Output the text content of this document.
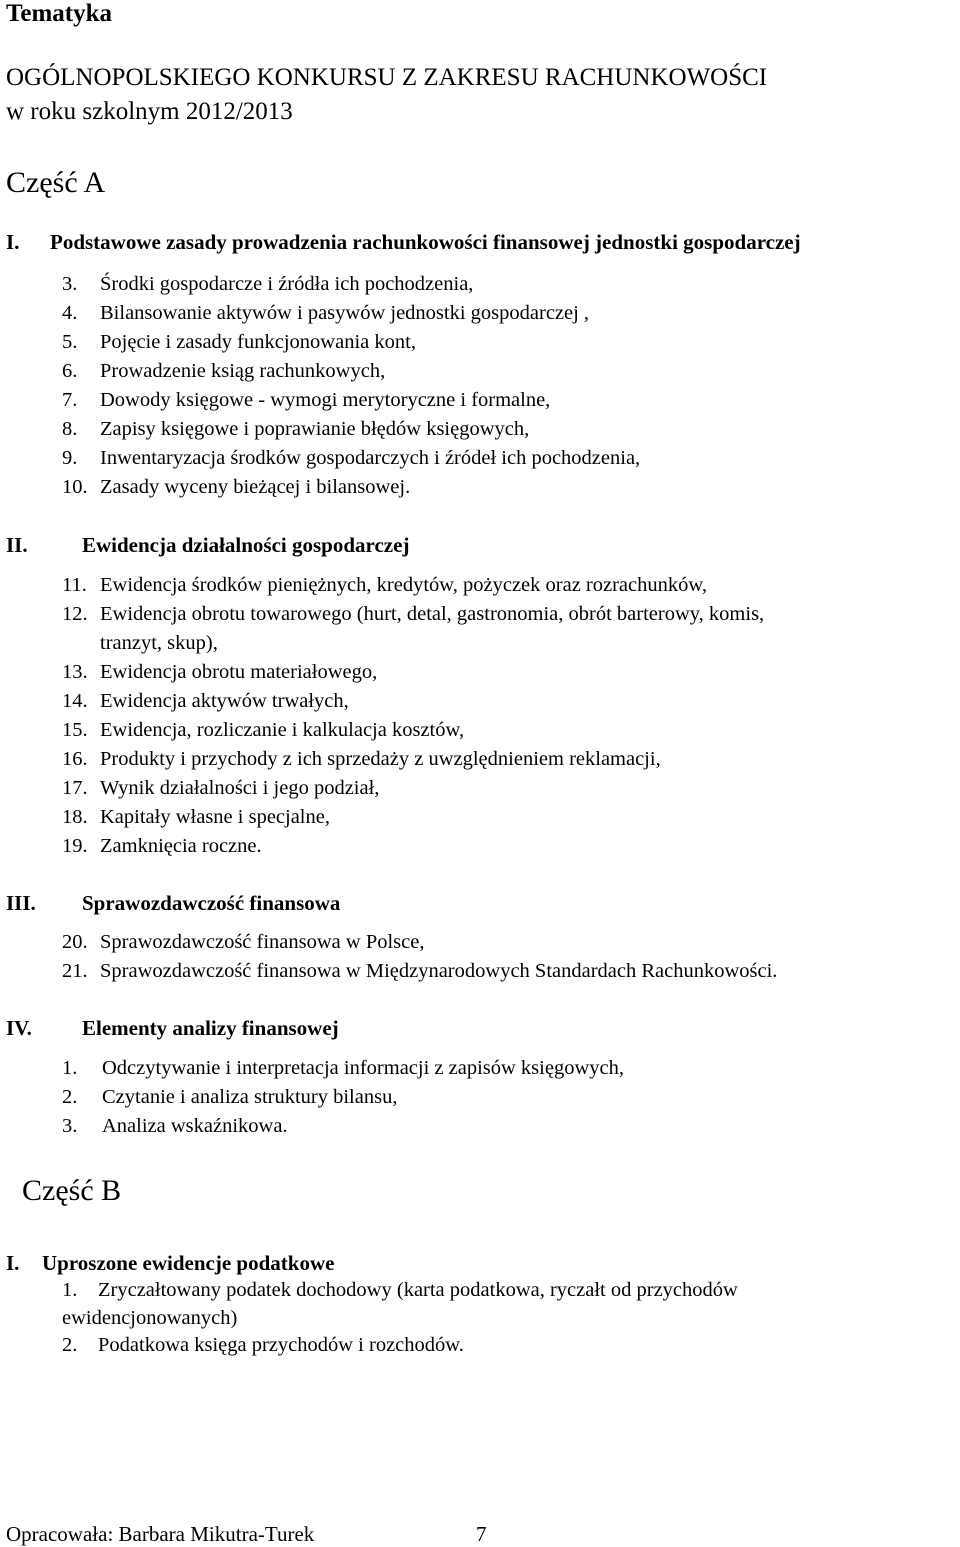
Tematyka
OGÓLNOPOLSKIEGO KONKURSU Z ZAKRESU RACHUNKOWOŚCI
w roku szkolnym 2012/2013
Część A
I. Podstawowe zasady prowadzenia rachunkowości finansowej jednostki gospodarczej
3. Środki gospodarcze i źródła ich pochodzenia,
4. Bilansowanie aktywów i pasywów jednostki gospodarczej ,
5. Pojęcie i zasady funkcjonowania kont,
6. Prowadzenie ksiąg rachunkowych,
7. Dowody księgowe - wymogi merytoryczne i formalne,
8. Zapisy księgowe i poprawianie błędów księgowych,
9. Inwentaryzacja środków gospodarczych i źródeł ich pochodzenia,
10. Zasady wyceny bieżącej i bilansowej.
II.	Ewidencja działalności gospodarczej
11. Ewidencja środków pieniężnych, kredytów, pożyczek oraz rozrachunków,
12. Ewidencja obrotu towarowego (hurt, detal, gastronomia, obrót barterowy, komis,
tranzyt, skup),
13. Ewidencja obrotu materiałowego,
14. Ewidencja aktywów trwałych,
15. Ewidencja, rozliczanie i kalkulacja kosztów,
16. Produkty i przychody z ich sprzedaży z uwzględnieniem reklamacji,
17. Wynik działalności i jego podział,
18. Kapitały własne i specjalne,
19. Zamknięcia roczne.
III. Sprawozdawczość finansowa
20. Sprawozdawczość finansowa w Polsce,
21. Sprawozdawczość finansowa w Międzynarodowych Standardach Rachunkowości.
IV. Elementy analizy finansowej
1. Odczytywanie i interpretacja informacji z zapisów księgowych,
2. Czytanie i analiza struktury bilansu,
3. Analiza wskaźnikowa.
Część B
I. Uproszone ewidencje podatkowe
1. Zryczałtowany podatek dochodowy (karta podatkowa, ryczałt od przychodów
ewidencjonowanych)
2. Podatkowa księga przychodów i rozchodów.
Opracowała: Barbara Mikutra-Turek	7
